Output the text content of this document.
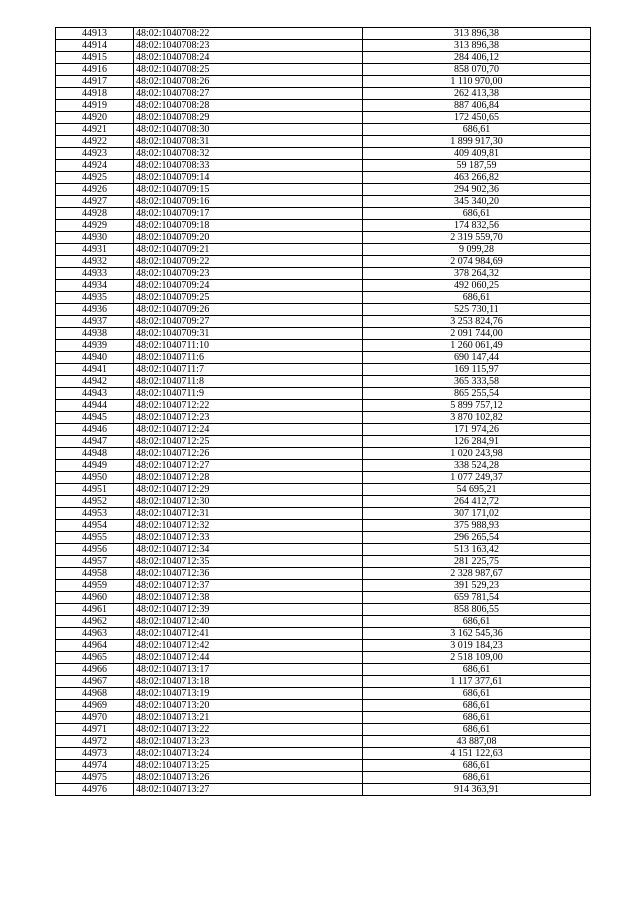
44913	48:02:1040708:22	313 896,38
44914	48:02:1040708:23	313 896,38
44915	48:02:1040708:24	284 406,12
44916	48:02:1040708:25	858 070,70
44917	48:02:1040708:26	1 110 970,00
44918	48:02:1040708:27	262 413,38
44919	48:02:1040708:28	887 406,84
44920	48:02:1040708:29	172 450,65
44921	48:02:1040708:30	686,61
44922	48:02:1040708:31	1 899 917,30
44923	48:02:1040708:32	409 409,81
44924	48:02:1040708:33	59 187,59
44925	48:02:1040709:14	463 266,82
44926	48:02:1040709:15	294 902,36
44927	48:02:1040709:16	345 340,20
44928	48:02:1040709:17	686,61
44929	48:02:1040709:18	174 832,56
44930	48:02:1040709:20	2 319 559,70
44931	48:02:1040709:21	9 099,28
44932	48:02:1040709:22	2 074 984,69
44933	48:02:1040709:23	378 264,32
44934	48:02:1040709:24	492 060,25
44935	48:02:1040709:25	686,61
44936	48:02:1040709:26	525 730,11
44937	48:02:1040709:27	3 253 824,76
44938	48:02:1040709:31	2 091 744,00
44939	48:02:1040711:10	1 260 061,49
44940	48:02:1040711:6	690 147,44
44941	48:02:1040711:7	169 115,97
44942	48:02:1040711:8	365 333,58
44943	48:02:1040711:9	865 255,54
44944	48:02:1040712:22	5 899 757,12
44945	48:02:1040712:23	3 870 102,82
44946	48:02:1040712:24	171 974,26
44947	48:02:1040712:25	126 284,91
44948	48:02:1040712:26	1 020 243,98
44949	48:02:1040712:27	338 524,28
44950	48:02:1040712:28	1 077 249,37
44951	48:02:1040712:29	54 695,21
44952	48:02:1040712:30	264 412,72
44953	48:02:1040712:31	307 171,02
44954	48:02:1040712:32	375 988,93
44955	48:02:1040712:33	296 265,54
44956	48:02:1040712:34	513 163,42
44957	48:02:1040712:35	281 225,75
44958	48:02:1040712:36	2 328 987,67
44959	48:02:1040712:37	391 529,23
44960	48:02:1040712:38	659 781,54
44961	48:02:1040712:39	858 806,55
44962	48:02:1040712:40	686,61
44963	48:02:1040712:41	3 162 545,36
44964	48:02:1040712:42	3 019 184,23
44965	48:02:1040712:44	2 518 109,00
44966	48:02:1040713:17	686,61
44967	48:02:1040713:18	1 117 377,61
44968	48:02:1040713:19	686,61
44969	48:02:1040713:20	686,61
44970	48:02:1040713:21	686,61
44971	48:02:1040713:22	686,61
44972	48:02:1040713:23	43 887,08
44973	48:02:1040713:24	4 151 122,63
44974	48:02:1040713:25	686,61
44975	48:02:1040713:26	686,61
44976	48:02:1040713:27	914 363,91
